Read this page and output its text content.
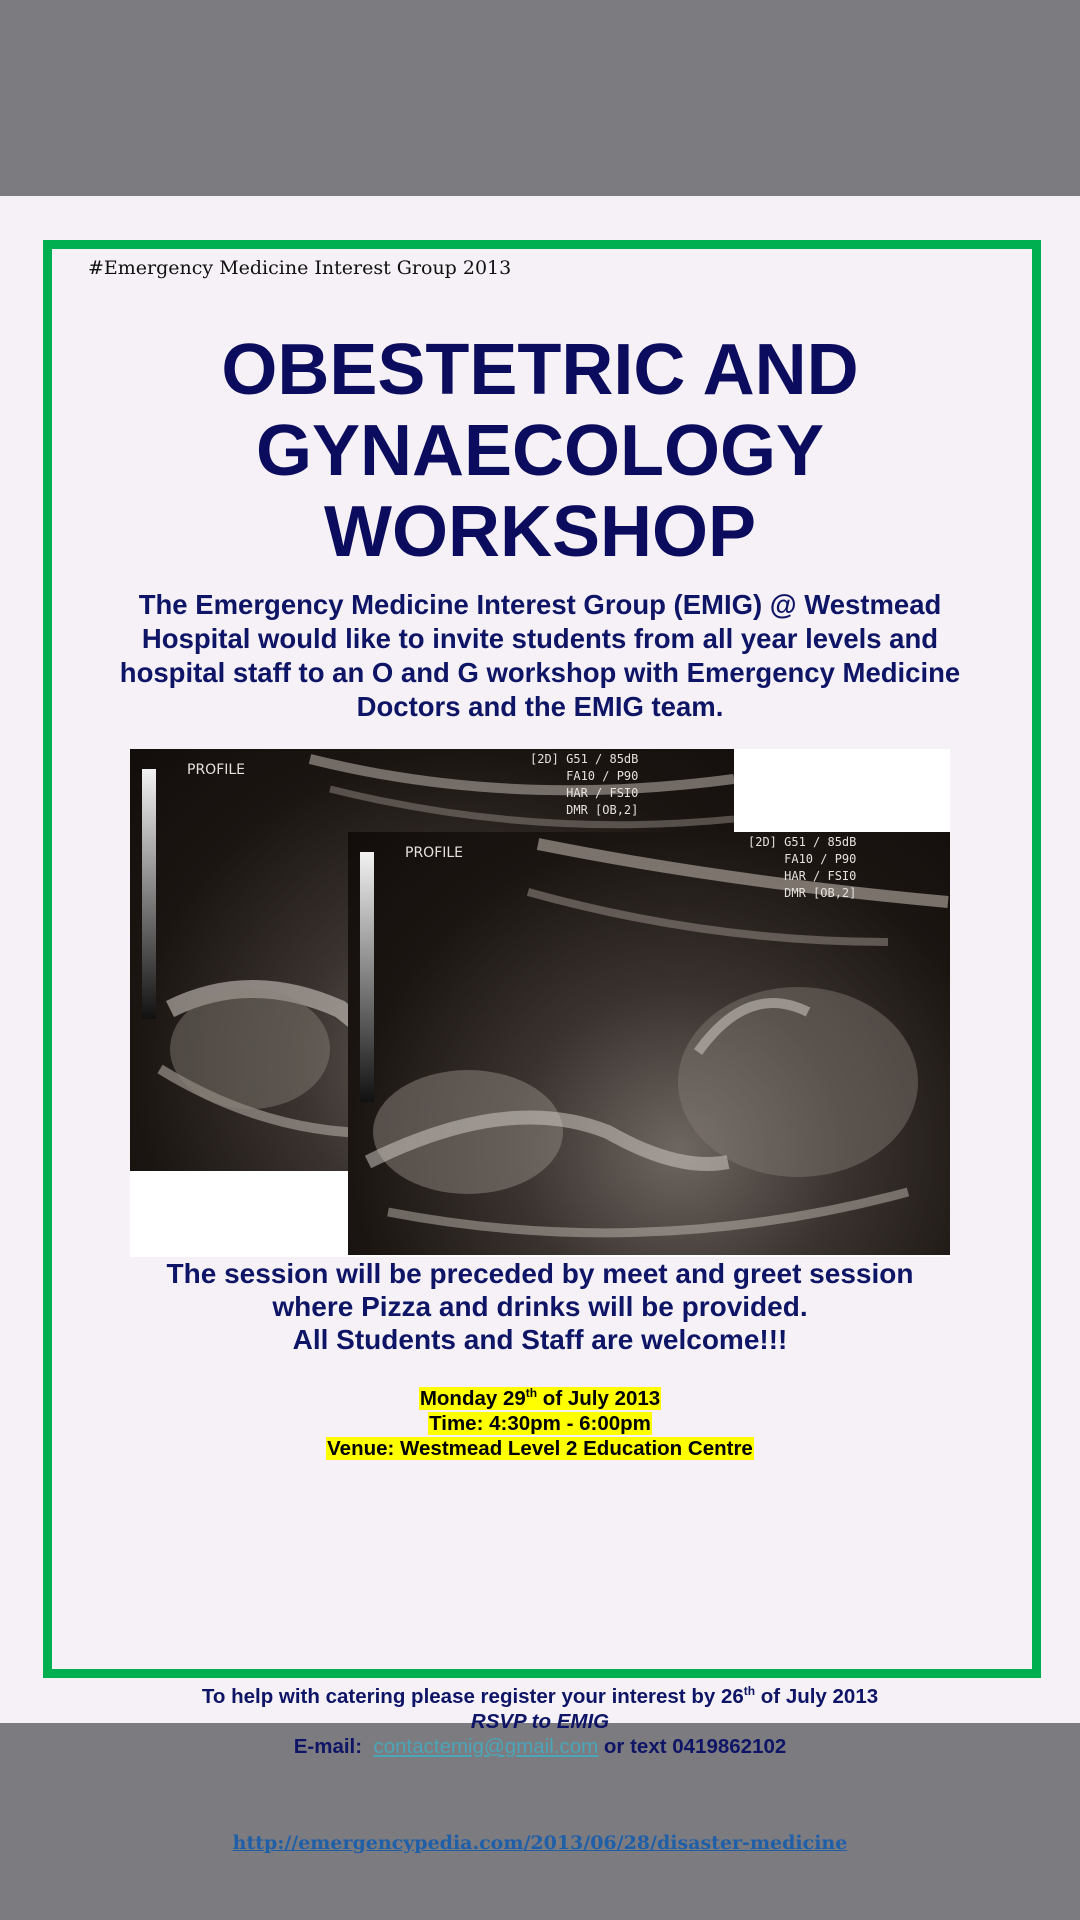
#Emergency Medicine Interest Group 2013
OBESTETRIC AND
GYNAECOLOGY
WORKSHOP

The Emergency Medicine Interest Group (EMIG) @ Westmead Hospital would like to invite students from all year levels and hospital staff to an O and G workshop with Emergency Medicine Doctors and the EMIG team.

PROFILE
[2D] G51 / 85dB
FA10 / P90
HAR / FSI0
DMR [OB,2]
PROFILE
[2D] G51 / 85dB
FA10 / P90
HAR / FSI0
DMR [OB,2]
The session will be preceded by meet and greet session
where Pizza and drinks will be provided.
All Students and Staff are welcome!!!
Monday 29th of July 2013
Time: 4:30pm - 6:00pm
Venue: Westmead Level 2 Education Centre
To help with catering please register your interest by 26th of July 2013
RSVP to EMIG
E-mail:  contactemig@gmail.com or text 0419862102
http://emergencypedia.com/2013/06/28/disaster-medicine
